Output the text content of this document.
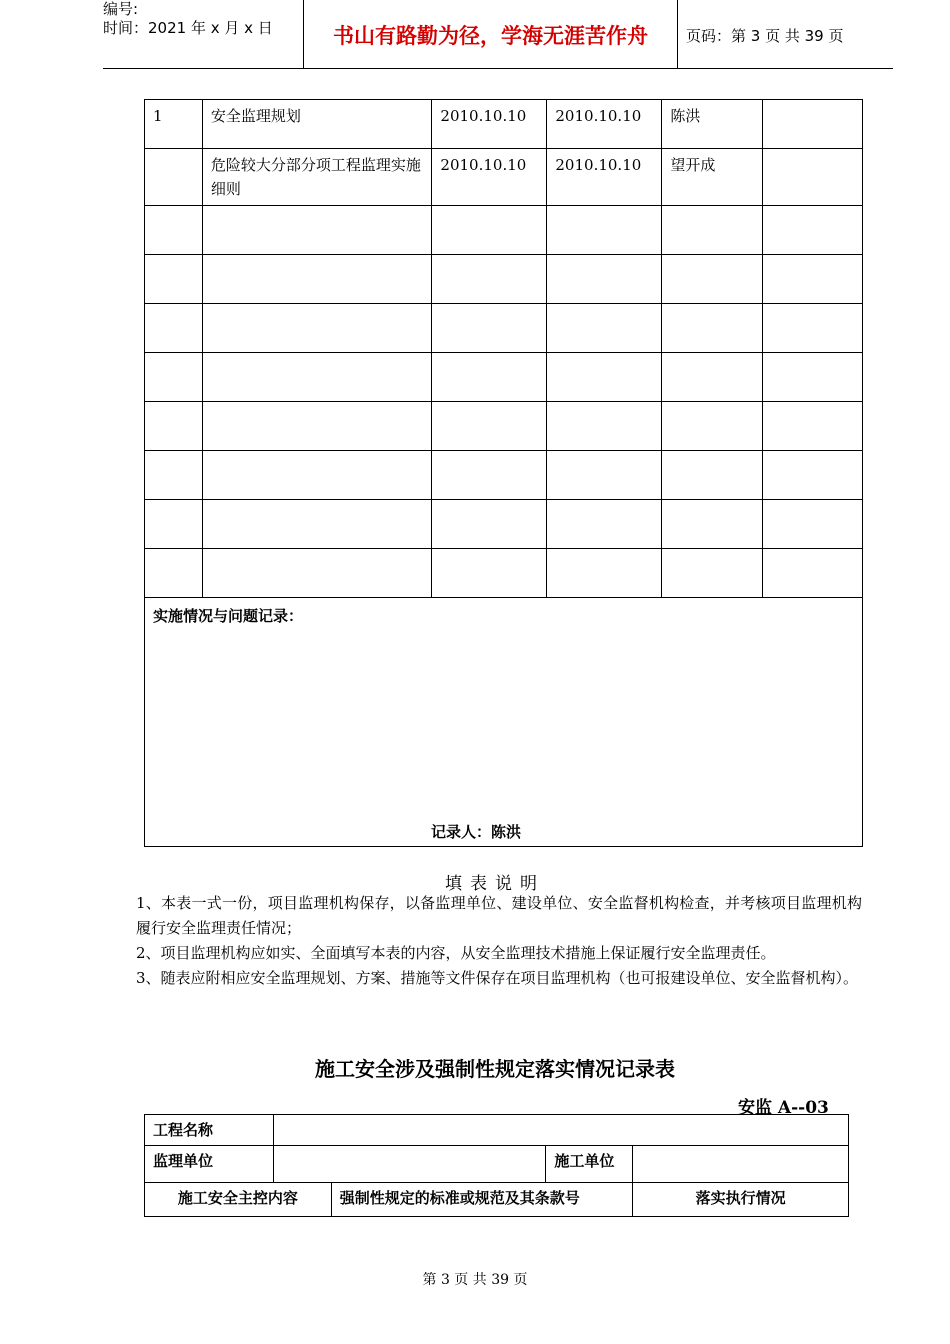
编号:
时间：2021 年 x 月 x 日	书山有路勤为径，学海无涯苦作舟	页码：第 3 页 共 39 页
1	安全监理规划	2010.10.10	2010.10.10	陈洪	
	危险较大分部分项工程监理实施细则	2010.10.10	2010.10.10	望开成	

实施情况与问题记录：
记录人：陈洪					
填表说明
1、本表一式一份，项目监理机构保存，以备监理单位、建设单位、安全监督机构检查，并考核项目监理机构履行安全监理责任情况；
2、项目监理机构应如实、全面填写本表的内容，从安全监理技术措施上保证履行安全监理责任。
3、随表应附相应安全监理规划、方案、措施等文件保存在项目监理机构（也可报建设单位、安全监督机构）。
施工安全涉及强制性规定落实情况记录表
安监 A--03
工程名称				
监理单位			施工单位	
施工安全主控内容		强制性规定的标准或规范及其条款号		落实执行情况
第 3 页 共 39 页
